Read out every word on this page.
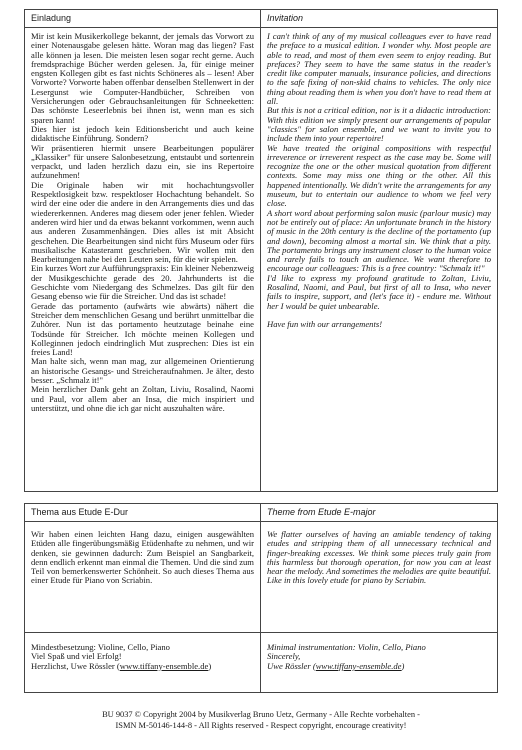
Einladung

Mir ist kein Musikerkollege bekannt, der jemals das Vorwort zu einer Notenausgabe gelesen hätte. Woran mag das liegen? Fast alle können ja lesen. Die meisten lesen sogar recht gerne. Auch fremdsprachige Bücher werden gelesen. Ja, für einige meiner engsten Kollegen gibt es fast nichts Schöneres als – lesen! Aber Vorworte? Vorworte haben offenbar denselben Stellenwert in der Lesergunst wie Computer-Handbücher, Schreiben von Versicherungen oder Gebrauchsanleitungen für Schneeketten: Das schönste Leseerlebnis bei ihnen ist, wenn man es sich sparen kann!

Dies hier ist jedoch kein Editionsbericht und auch keine didaktische Einführung. Sondern?

Wir präsentieren hiermit unsere Bearbeitungen populärer „Klassiker" für unsere Salonbesetzung, entstaubt und sortenrein verpackt, und laden herzlich dazu ein, sie ins Repertoire aufzunehmen!

Die Originale haben wir mit hochachtungsvoller Respektlosigkeit bzw. respektloser Hochachtung behandelt. So wird der eine oder die andere in den Arrangements dies und das wiedererkennen. Anderes mag diesem oder jener fehlen. Wieder anderen wird hier und da etwas bekannt vorkommen, wenn auch aus anderen Zusammenhängen. Dies alles ist mit Absicht geschehen. Die Bearbeitungen sind nicht fürs Museum oder fürs musikalische Katasteramt geschrieben. Wir wollen mit den Bearbeitungen nahe bei den Leuten sein, für die wir spielen.

Ein kurzes Wort zur Aufführungspraxis: Ein kleiner Nebenzweig der Musikgeschichte gerade des 20. Jahrhunderts ist die Geschichte vom Niedergang des Schmelzes. Das gilt für den Gesang ebenso wie für die Streicher. Und das ist schade!

Gerade das portamento (aufwärts wie abwärts) nähert die Streicher dem menschlichen Gesang und berührt unmittelbar die Zuhörer. Nun ist das portamento heutzutage beinahe eine Todsünde für Streicher. Ich möchte meinen Kollegen und Kolleginnen jedoch eindringlich Mut zusprechen: Dies ist ein freies Land!

Man halte sich, wenn man mag, zur allgemeinen Orientierung an historische Gesangs- und Streicheraufnahmen. Je älter, desto besser. „Schmalz it!"

Mein herzlicher Dank geht an Zoltan, Liviu, Rosalind, Naomi und Paul, vor allem aber an Insa, die mich inspiriert und unterstützt, und ohne die ich gar nicht auszuhalten wäre.

Invitation

I can't think of any of my musical colleagues ever to have read the preface to a musical edition. I wonder why. Most people are able to read, and most of them even seem to enjoy reading. But prefaces? They seem to have the same status in the reader's credit like computer manuals, insurance policies, and directions to the safe fixing of non-skid chains to vehicles. The only nice thing about reading them is when you don't have to read them at all.

But this is not a critical edition, nor is it a didactic introduction: With this edition we simply present our arrangements of popular "classics" for salon ensemble, and we want to invite you to include them into your repertoire!

We have treated the original compositions with respectful irreverence or irreverent respect as the case may be. Some will recognize the one or the other musical quotation from different contexts. Some may miss one thing or the other. All this happened intentionally. We didn't write the arrangements for any museum, but to entertain our audience to whom we feel very close.

A short word about performing salon music (parlour music) may not be entirely out of place: An unfortunate branch in the history of music in the 20th century is the decline of the portamento (up and down), becoming almost a mortal sin. We think that a pity. The portamento brings any instrument closer to the human voice and rarely fails to touch an audience. We want therefore to encourage our colleagues: This is a free country: "Schmalz it!"

I'd like to express my profound gratitude to Zoltan, Liviu, Rosalind, Naomi, and Paul, but first of all to Insa, who never fails to inspire, support, and (let's face it) - endure me. Without her I would be quiet unbearable.

Have fun with our arrangements!

Thema aus Etude E-Dur

Wir haben einen leichten Hang dazu, einigen ausgewählten Etüden alle fingerübungsmäßig Etüdenhafte zu nehmen, und wir denken, sie gewinnen dadurch: Zum Beispiel an Sangbarkeit, denn endlich erkennt man einmal die Themen. Und die sind zum Teil von bemerkenswerter Schönheit. So auch dieses Thema aus einer Etude für Piano von Scriabin.

Theme from Etude E-major

We flatter ourselves of having an amiable tendency of taking etudes and stripping them of all unnecessary technical and finger-breaking excesses. We think some pieces truly gain from this harmless but thorough operation, for now you can at least hear the melody. And sometimes the melodies are quite beautiful. Like in this lovely etude for piano by Scriabin.

Mindestbesetzung: Violine, Cello, Piano
Viel Spaß und viel Erfolg!
Herzlichst, Uwe Rössler (www.tiffany-ensemble.de)
Minimal instrumentation: Violin, Cello, Piano
Sincerely,
Uwe Rössler (www.tiffany-ensemble.de)
BU 9037 © Copyright 2004 by Musikverlag Bruno Uetz, Germany - Alle Rechte vorbehalten -
ISMN M-50146-144-8 - All Rights reserved - Respect copyright, encourage creativity!
